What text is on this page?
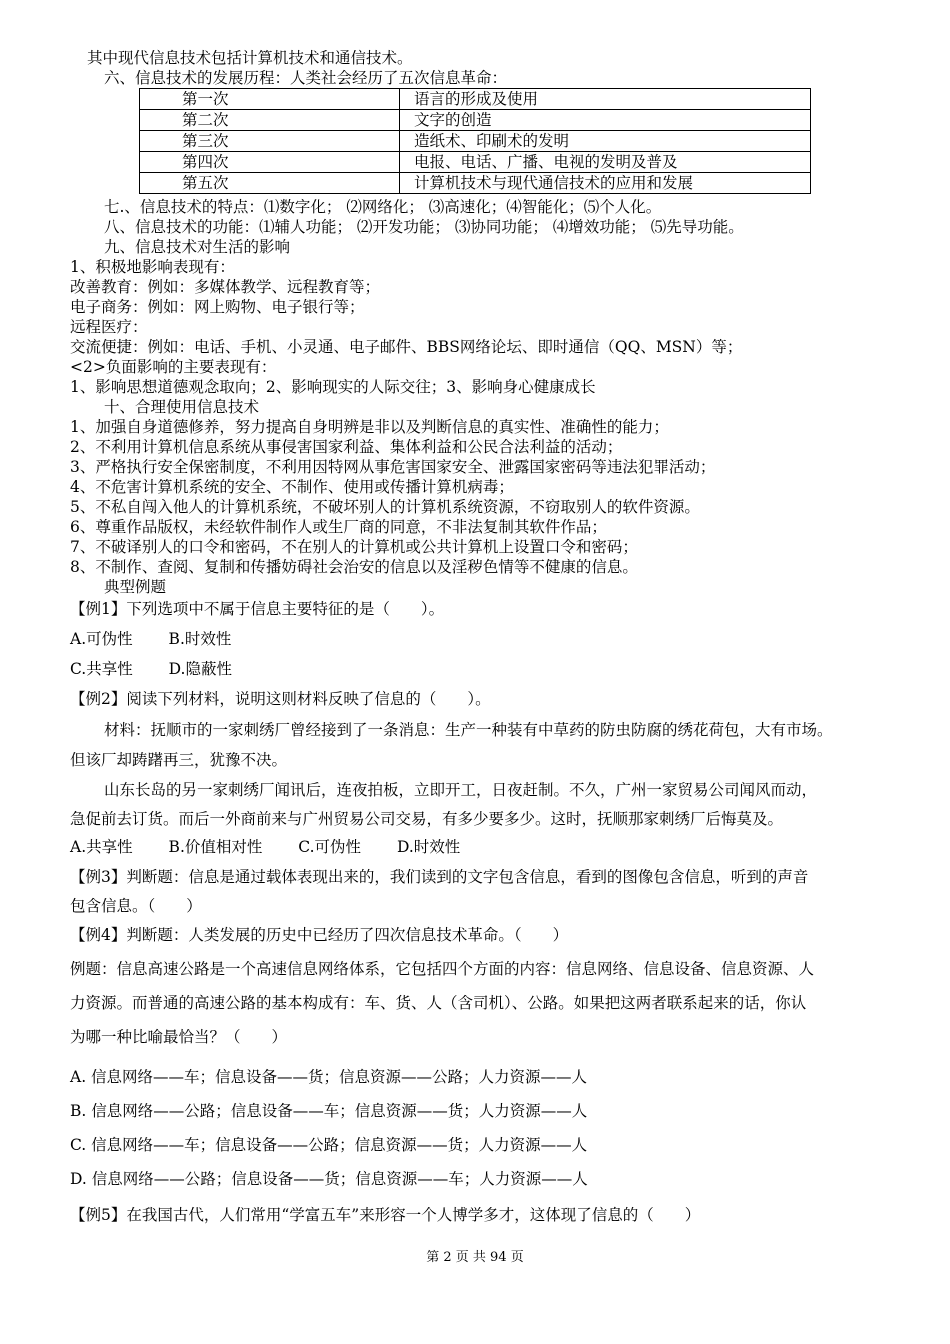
其中现代信息技术包括计算机技术和通信技术。
六、信息技术的发展历程：人类社会经历了五次信息革命：
第一次	语言的形成及使用
第二次	文字的创造
第三次	造纸术、印刷术的发明
第四次	电报、电话、广播、电视的发明及普及
第五次	计算机技术与现代通信技术的应用和发展
七.、信息技术的特点：⑴数字化； ⑵网络化； ⑶高速化；⑷智能化；⑸个人化。
八、信息技术的功能：⑴辅人功能； ⑵开发功能； ⑶协同功能； ⑷增效功能； ⑸先导功能。
九、信息技术对生活的影响
1、积极地影响表现有：
改善教育：例如：多媒体教学、远程教育等；
电子商务：例如：网上购物、电子银行等；
远程医疗：
交流便捷：例如：电话、手机、小灵通、电子邮件、BBS网络论坛、即时通信（QQ、MSN）等；
<2>负面影响的主要表现有：
1、影响思想道德观念取向；2、影响现实的人际交往；3、影响身心健康成长
十、合理使用信息技术
1、加强自身道德修养，努力提高自身明辨是非以及判断信息的真实性、准确性的能力；
2、不利用计算机信息系统从事侵害国家利益、集体利益和公民合法利益的活动；
3、严格执行安全保密制度，不利用因特网从事危害国家安全、泄露国家密码等违法犯罪活动；
4、不危害计算机系统的安全、不制作、使用或传播计算机病毒；
5、不私自闯入他人的计算机系统，不破坏别人的计算机系统资源，不窃取别人的软件资源。
6、尊重作品版权，未经软件制作人或生厂商的同意，不非法复制其软件作品；
7、不破译别人的口令和密码，不在别人的计算机或公共计算机上设置口令和密码；
8、不制作、查阅、复制和传播妨碍社会治安的信息以及淫秽色情等不健康的信息。
典型例题
【例1】下列选项中不属于信息主要特征的是（　　）。
A.可伪性　　 B.时效性
C.共享性　　 D.隐蔽性
【例2】阅读下列材料，说明这则材料反映了信息的（　　）。
材料：抚顺市的一家刺绣厂曾经接到了一条消息：生产一种装有中草药的防虫防腐的绣花荷包，大有市场。
但该厂却踌躇再三，犹豫不决。
山东长岛的另一家刺绣厂闻讯后，连夜拍板，立即开工，日夜赶制。不久，广州一家贸易公司闻风而动，
急促前去订货。而后一外商前来与广州贸易公司交易，有多少要多少。这时，抚顺那家刺绣厂后悔莫及。
A.共享性　　 B.价值相对性　　 C.可伪性　　 D.时效性
【例3】判断题：信息是通过载体表现出来的，我们读到的文字包含信息，看到的图像包含信息，听到的声音
包含信息。（　　）
【例4】判断题：人类发展的历史中已经历了四次信息技术革命。（　　）
例题：信息高速公路是一个高速信息网络体系，它包括四个方面的内容：信息网络、信息设备、信息资源、人
力资源。而普通的高速公路的基本构成有：车、货、人（含司机）、公路。如果把这两者联系起来的话，你认
为哪一种比喻最恰当？（　　）
A. 信息网络——车；信息设备——货；信息资源——公路；人力资源——人
B. 信息网络——公路；信息设备——车；信息资源——货；人力资源——人
C. 信息网络——车；信息设备——公路；信息资源——货；人力资源——人
D. 信息网络——公路；信息设备——货；信息资源——车；人力资源——人
【例5】在我国古代，人们常用“学富五车”来形容一个人博学多才，这体现了信息的（　　）
第 2 页 共 94 页
